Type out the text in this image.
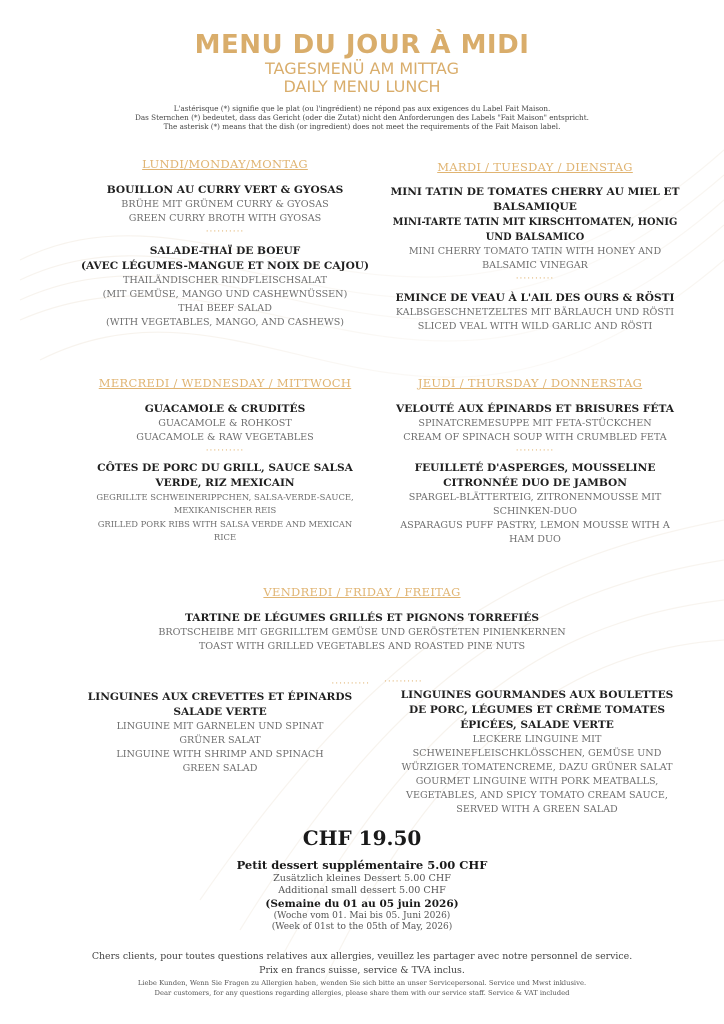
MENU DU JOUR À MIDI
TAGESMENÜ AM MITTAG
DAILY MENU LUNCH
L'astérisque (*) signifie que le plat (ou l'ingrédient) ne répond pas aux exigences du Label Fait Maison.
Das Sternchen (*) bedeutet, dass das Gericht (oder die Zutat) nicht den Anforderungen des Labels "Fait Maison" entspricht.
The asterisk (*) means that the dish (or ingredient) does not meet the requirements of the Fait Maison label.
LUNDI/MONDAY/MONTAG
BOUILLON AU CURRY VERT & GYOSAS
BRÜHE MIT GRÜNEM CURRY & GYOSAS
GREEN CURRY BROTH WITH GYOSAS
··········
SALADE-THAÏ DE BOEUF
(AVEC LÉGUMES-MANGUE ET NOIX DE CAJOU)
THAILÄNDISCHER RINDFLEISCHSALAT
(MIT GEMÜSE, MANGO UND CASHEWNÜSSEN)
THAI BEEF SALAD
(WITH VEGETABLES, MANGO, AND CASHEWS)
MARDI / TUESDAY / DIENSTAG
MINI TATIN DE TOMATES CHERRY AU MIEL ET
BALSAMIQUE
MINI-TARTE TATIN MIT KIRSCHTOMATEN, HONIG
UND BALSAMICO
MINI CHERRY TOMATO TATIN WITH HONEY AND
BALSAMIC VINEGAR
··········
EMINCE DE VEAU À L'AIL DES OURS & RÖSTI
KALBSGESCHNETZELTES MIT BÄRLAUCH UND RÖSTI
SLICED VEAL WITH WILD GARLIC AND RÖSTI
MERCREDI / WEDNESDAY / MITTWOCH
GUACAMOLE & CRUDITÉS
GUACAMOLE & ROHKOST
GUACAMOLE & RAW VEGETABLES
··········
CÔTES DE PORC DU GRILL, SAUCE SALSA
VERDE, RIZ MEXICAIN
GEGRILLTE SCHWEINERIPPCHEN, SALSA-VERDE-SAUCE,
MEXIKANISCHER REIS
GRILLED PORK RIBS WITH SALSA VERDE AND MEXICAN
RICE
JEUDI / THURSDAY / DONNERSTAG
VELOUTÉ AUX ÉPINARDS ET BRISURES FÉTA
SPINATCREMESUPPE MIT FETA-STÜCKCHEN
CREAM OF SPINACH SOUP WITH CRUMBLED FETA
··········
FEUILLETÉ D'ASPERGES, MOUSSELINE
CITRONNÉE DUO DE JAMBON
SPARGEL-BLÄTTERTEIG, ZITRONENMOUSSE MIT
SCHINKEN-DUO
ASPARAGUS PUFF PASTRY, LEMON MOUSSE WITH A
HAM DUO
VENDREDI / FRIDAY / FREITAG
TARTINE DE LÉGUMES GRILLÉS ET PIGNONS TORREFIÉS
BROTSCHEIBE MIT GEGRILLTEM GEMÜSE UND GERÖSTETEN PINIENKERNEN
TOAST WITH GRILLED VEGETABLES AND ROASTED PINE NUTS
··········
LINGUINES AUX CREVETTES ET ÉPINARDS
SALADE VERTE
LINGUINE MIT GARNELEN UND SPINAT
GRÜNER SALAT
LINGUINE WITH SHRIMP AND SPINACH
GREEN SALAD
··········
LINGUINES GOURMANDES AUX BOULETTES
DE PORC, LÉGUMES ET CRÈME TOMATES
ÉPICÉES, SALADE VERTE
LECKERE LINGUINE MIT
SCHWEINEFLEISCHKLÖSSCHEN, GEMÜSE UND
WÜRZIGER TOMATENCREME, DAZU GRÜNER SALAT
GOURMET LINGUINE WITH PORK MEATBALLS,
VEGETABLES, AND SPICY TOMATO CREAM SAUCE,
SERVED WITH A GREEN SALAD
CHF 19.50
Petit dessert supplémentaire 5.00 CHF
Zusätzlich kleines Dessert 5.00 CHF
Additional small dessert 5.00 CHF
(Semaine du 01 au 05 juin 2026)
(Woche vom 01. Mai bis 05. Juni 2026)
(Week of 01st to the 05th of May, 2026)
Chers clients, pour toutes questions relatives aux allergies, veuillez les partager avec notre personnel de service.
Prix en francs suisse, service & TVA inclus.
Liebe Kunden, Wenn Sie Fragen zu Allergien haben, wenden Sie sich bitte an unser Servicepersonal. Service und Mwst inklusive.
Dear customers, for any questions regarding allergies, please share them with our service staff. Service & VAT included
